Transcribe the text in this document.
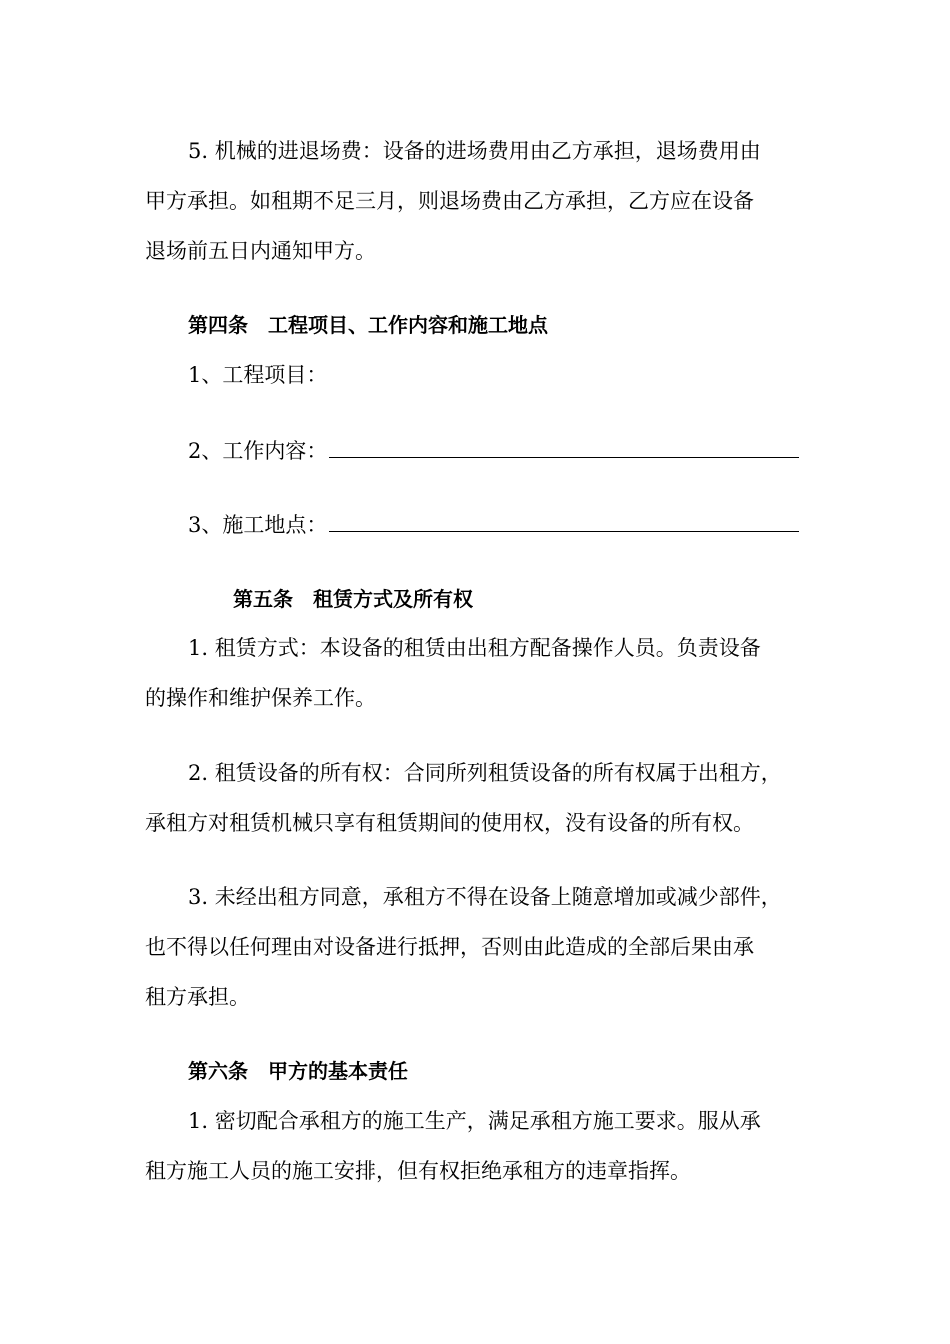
5. 机械的进退场费：设备的进场费用由乙方承担，退场费用由
甲方承担。如租期不足三月，则退场费由乙方承担，乙方应在设备
退场前五日内通知甲方。
第四条　工程项目、工作内容和施工地点
1、工程项目：
2、工作内容：
3、施工地点：
第五条　租赁方式及所有权
1. 租赁方式：本设备的租赁由出租方配备操作人员。负责设备
的操作和维护保养工作。
2. 租赁设备的所有权：合同所列租赁设备的所有权属于出租方，
承租方对租赁机械只享有租赁期间的使用权，没有设备的所有权。
3. 未经出租方同意，承租方不得在设备上随意增加或减少部件，
也不得以任何理由对设备进行抵押，否则由此造成的全部后果由承
租方承担。
第六条　甲方的基本责任
1. 密切配合承租方的施工生产，满足承租方施工要求。服从承
租方施工人员的施工安排，但有权拒绝承租方的违章指挥。
